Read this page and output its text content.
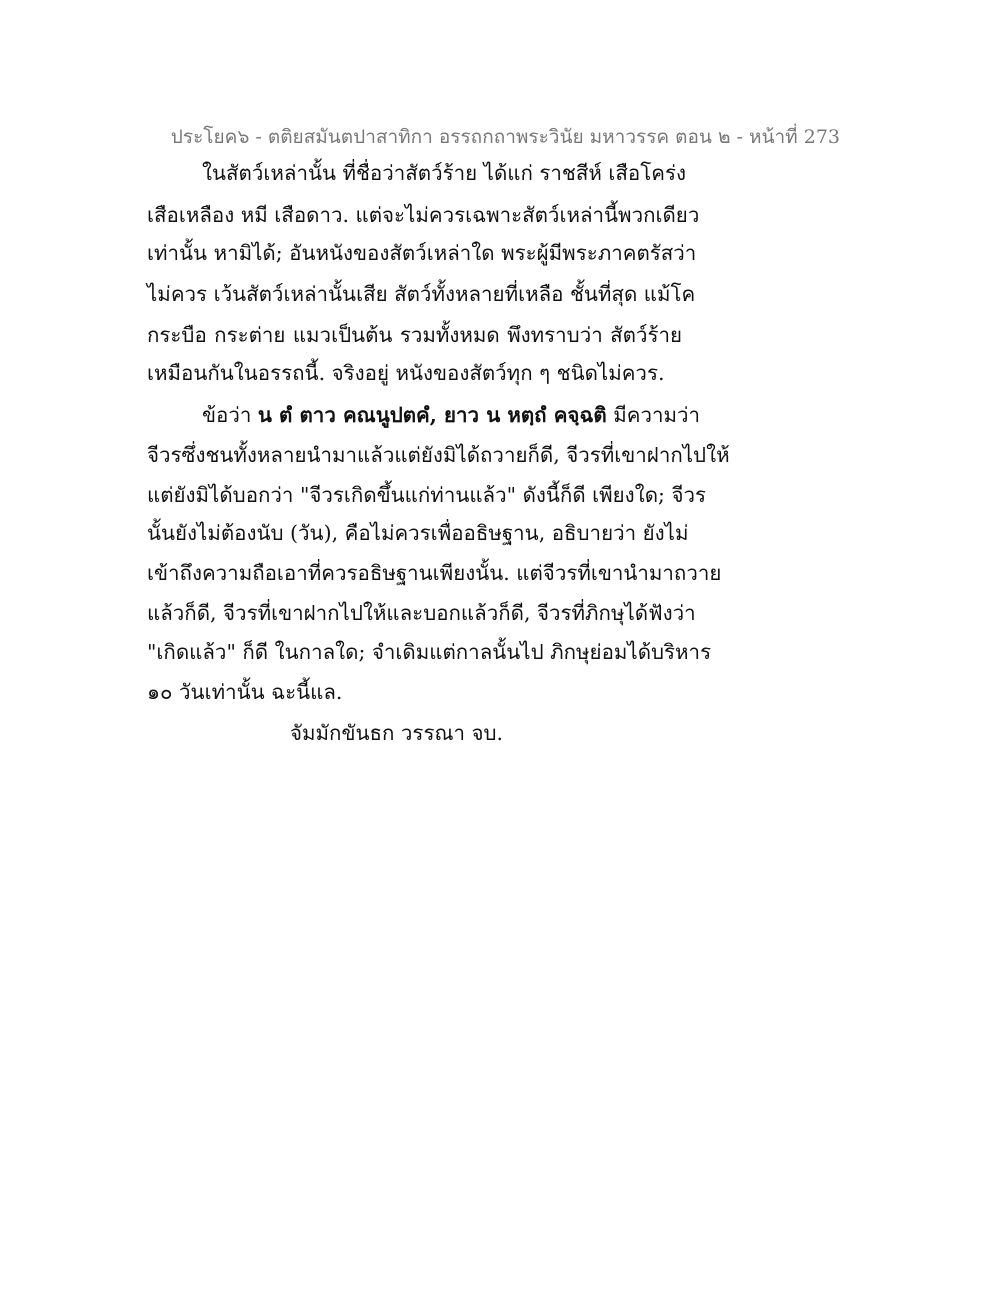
ประโยค๖ - ตติยสมันตปาสาทิกา อรรถกถาพระวินัย มหาวรรค ตอน ๒ - หน้าที่ 273
ในสัตว์เหล่านั้น ที่ชื่อว่าสัตว์ร้าย ได้แก่ ราชสีห์ เสือโคร่ง
เสือเหลือง หมี เสือดาว. แต่จะไม่ควรเฉพาะสัตว์เหล่านี้พวกเดียว
เท่านั้น หามิได้; อันหนังของสัตว์เหล่าใด พระผู้มีพระภาคตรัสว่า
ไม่ควร เว้นสัตว์เหล่านั้นเสีย สัตว์ทั้งหลายที่เหลือ ชั้นที่สุด แม้โค
กระบือ กระต่าย แมวเป็นต้น รวมทั้งหมด พึงทราบว่า สัตว์ร้าย
เหมือนกันในอรรถนี้. จริงอยู่ หนังของสัตว์ทุก ๆ ชนิดไม่ควร.
ข้อว่า น ตํ ตาว คณนูปตคํ, ยาว น หตฺถํ คจฺฉติ มีความว่า
จีวรซึ่งชนทั้งหลายนำมาแล้วแต่ยังมิได้ถวายก็ดี, จีวรที่เขาฝากไปให้
แต่ยังมิได้บอกว่า "จีวรเกิดขึ้นแก่ท่านแล้ว" ดังนี้ก็ดี เพียงใด; จีวร
นั้นยังไม่ต้องนับ (วัน), คือไม่ควรเพื่ออธิษฐาน, อธิบายว่า ยังไม่
เข้าถึงความถือเอาที่ควรอธิษฐานเพียงนั้น. แต่จีวรที่เขานำมาถวาย
แล้วก็ดี, จีวรที่เขาฝากไปให้และบอกแล้วก็ดี, จีวรที่ภิกษุได้ฟังว่า
"เกิดแล้ว" ก็ดี ในกาลใด; จำเดิมแต่กาลนั้นไป ภิกษุย่อมได้บริหาร
๑๐ วันเท่านั้น ฉะนี้แล.
จัมมักขันธก วรรณา จบ.
